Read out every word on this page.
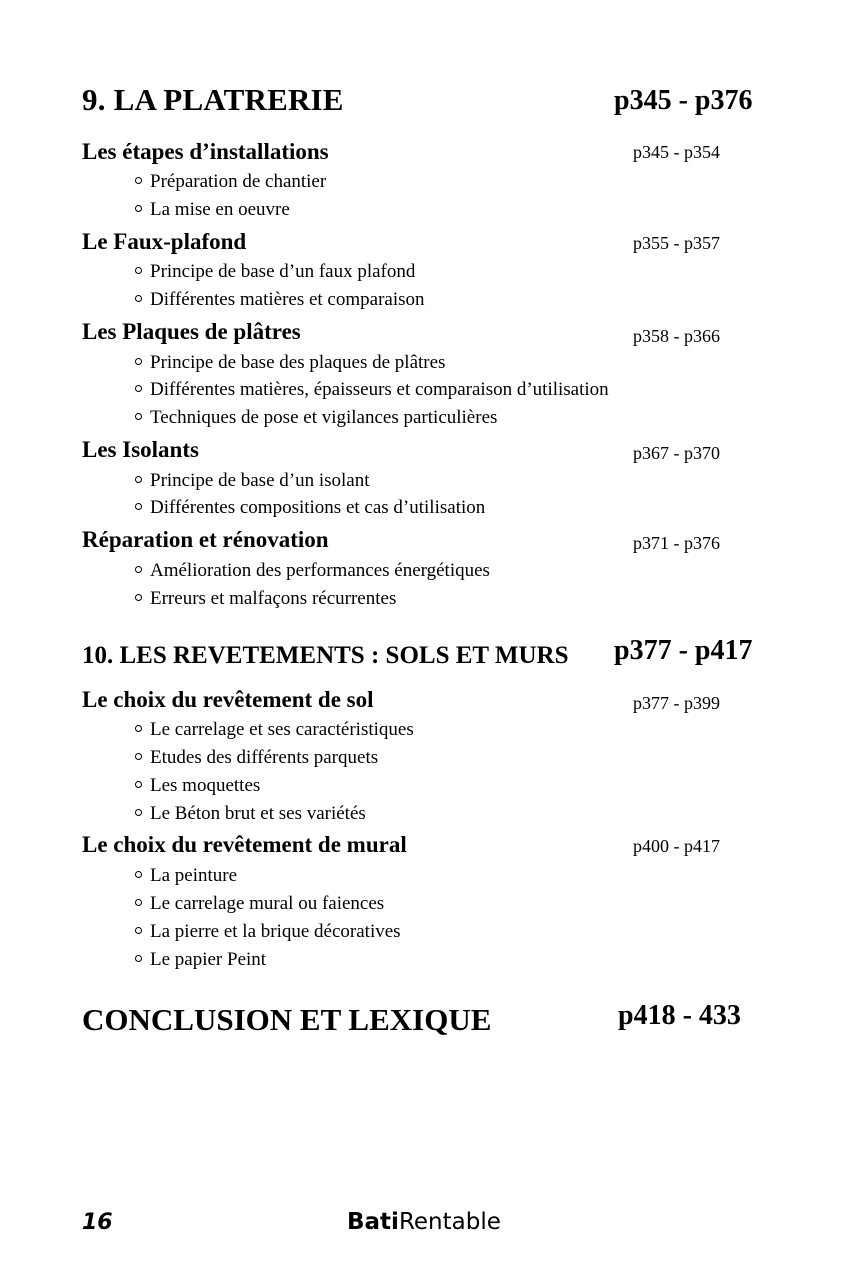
9. LA PLATRERIE	p345 - p376
Les étapes d’installations	p345 - p354
Préparation de chantier
La mise en oeuvre
Le Faux-plafond	p355 - p357
Principe de base d’un faux plafond
Différentes matières et comparaison
Les Plaques de plâtres	p358 - p366
Principe de base des plaques de plâtres
Différentes matières, épaisseurs et comparaison d’utilisation
Techniques de pose et vigilances particulières
Les Isolants	p367 - p370
Principe de base d’un isolant
Différentes compositions et cas d’utilisation
Réparation et rénovation	p371 - p376
Amélioration des performances énergétiques
Erreurs et malfaçons récurrentes
10. LES REVETEMENTS : SOLS ET MURS p377 - p417
Le choix du revêtement de sol	p377 - p399
Le carrelage et ses caractéristiques
Etudes des différents parquets
Les moquettes
Le Béton brut et ses variétés
Le choix du revêtement de mural	p400 - p417
La peinture
Le carrelage mural ou faiences
La pierre et la brique décoratives
Le papier Peint
CONCLUSION ET LEXIQUE	p418 - 433
16	BatiRentable
